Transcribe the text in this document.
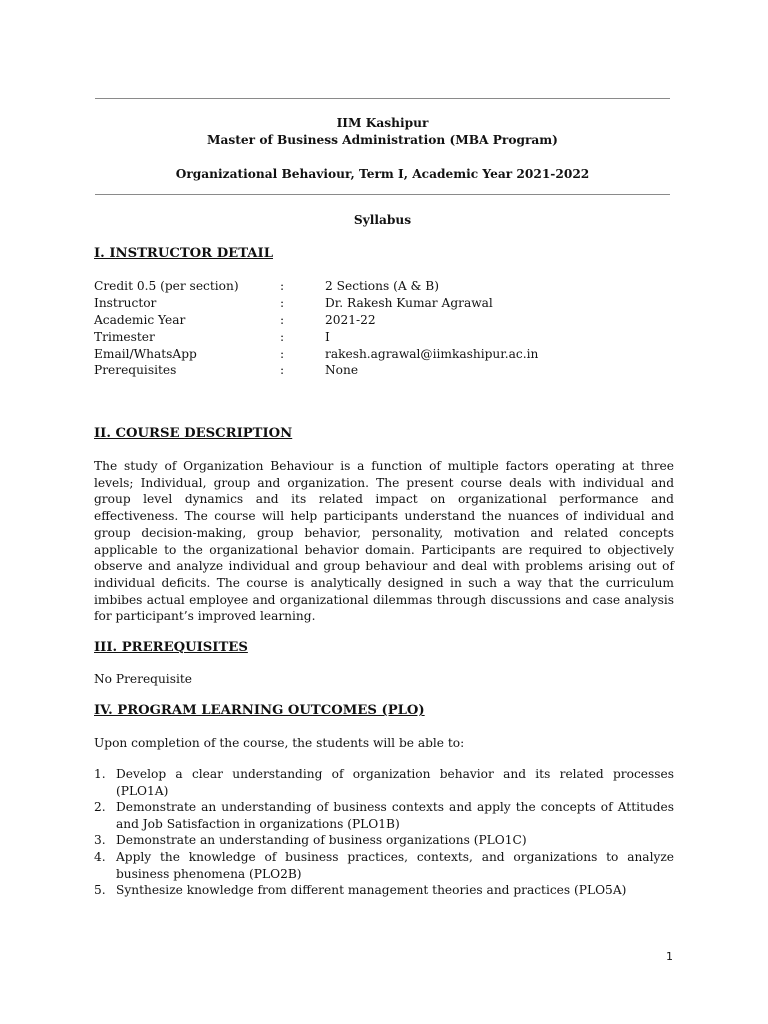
IIM Kashipur
Master of Business Administration (MBA Program)
Organizational Behaviour, Term I, Academic Year 2021-2022
Syllabus
I. INSTRUCTOR DETAIL
Credit 0.5 (per section)	:	2 Sections (A & B)
Instructor	:	Dr. Rakesh Kumar Agrawal
Academic Year	:	2021-22
Trimester	:	I
Email/WhatsApp	:	rakesh.agrawal@iimkashipur.ac.in
Prerequisites	:	None
II. COURSE DESCRIPTION
The study of Organization Behaviour is a function of multiple factors operating at three levels; Individual, group and organization. The present course deals with individual and group level dynamics and its related impact on organizational performance and effectiveness. The course will help participants understand the nuances of individual and group decision-making, group behavior, personality, motivation and related concepts applicable to the organizational behavior domain. Participants are required to objectively observe and analyze individual and group behaviour and deal with problems arising out of individual deficits. The course is analytically designed in such a way that the curriculum imbibes actual employee and organizational dilemmas through discussions and case analysis for participant’s improved learning.
III. PREREQUISITES
No Prerequisite
IV. PROGRAM LEARNING OUTCOMES (PLO)
Upon completion of the course, the students will be able to:
1. Develop a clear understanding of organization behavior and its related processes (PLO1A)
2. Demonstrate an understanding of business contexts and apply the concepts of Attitudes and Job Satisfaction in organizations (PLO1B)
3. Demonstrate an understanding of business organizations (PLO1C)
4. Apply the knowledge of business practices, contexts, and organizations to analyze business phenomena (PLO2B)
5. Synthesize knowledge from different management theories and practices (PLO5A)
1
